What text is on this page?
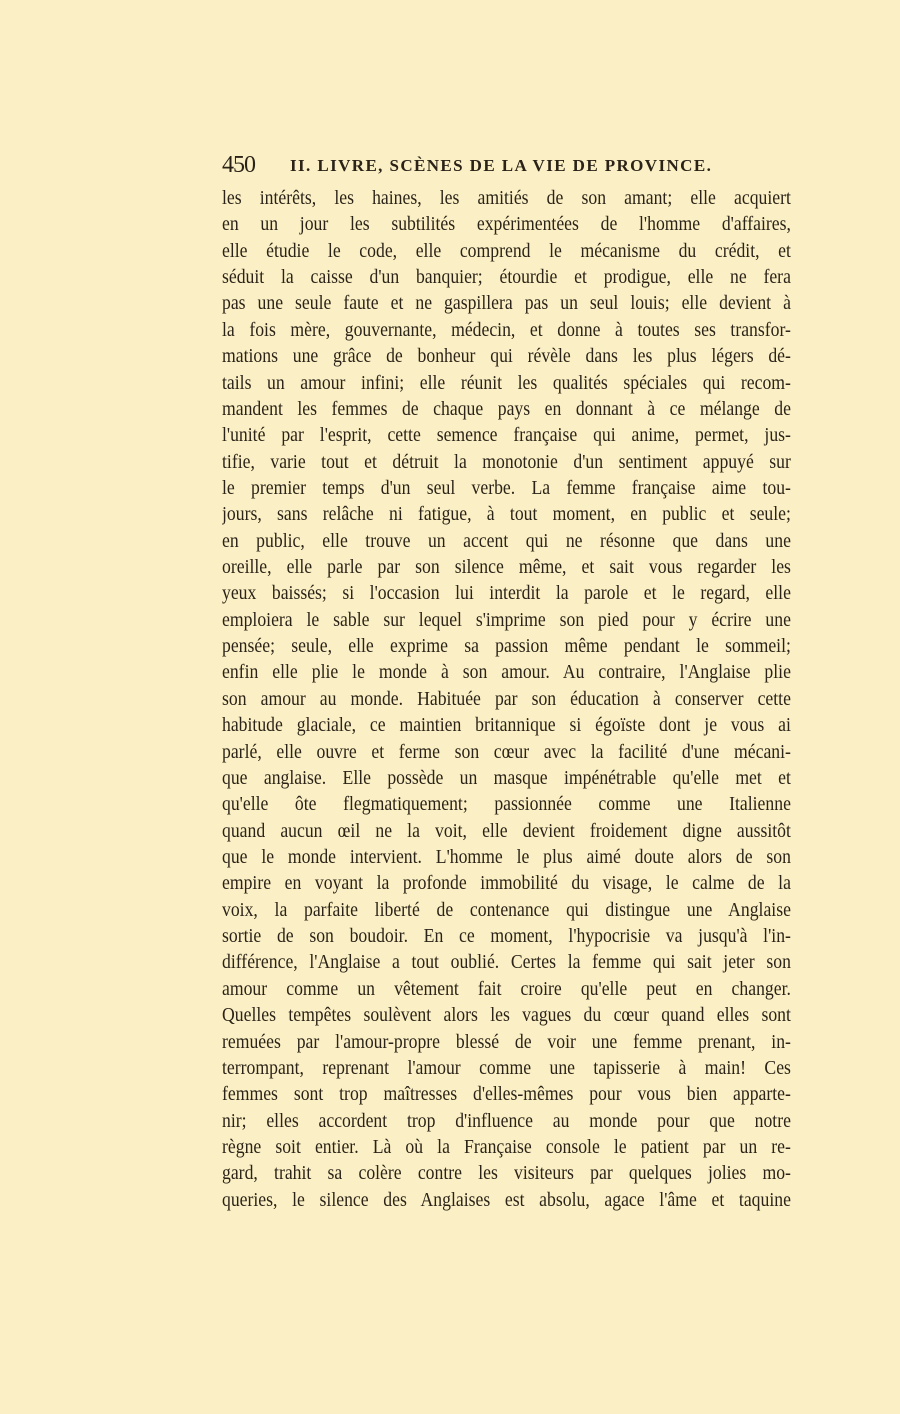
450 II. LIVRE, SCÈNES DE LA VIE DE PROVINCE.
les intérêts, les haines, les amitiés de son amant; elle acquiert
en un jour les subtilités expérimentées de l'homme d'affaires,
elle étudie le code, elle comprend le mécanisme du crédit, et
séduit la caisse d'un banquier; étourdie et prodigue, elle ne fera
pas une seule faute et ne gaspillera pas un seul louis; elle devient à
la fois mère, gouvernante, médecin, et donne à toutes ses transfor-
mations une grâce de bonheur qui révèle dans les plus légers dé-
tails un amour infini; elle réunit les qualités spéciales qui recom-
mandent les femmes de chaque pays en donnant à ce mélange de
l'unité par l'esprit, cette semence française qui anime, permet, jus-
tifie, varie tout et détruit la monotonie d'un sentiment appuyé sur
le premier temps d'un seul verbe. La femme française aime tou-
jours, sans relâche ni fatigue, à tout moment, en public et seule;
en public, elle trouve un accent qui ne résonne que dans une
oreille, elle parle par son silence même, et sait vous regarder les
yeux baissés; si l'occasion lui interdit la parole et le regard, elle
emploiera le sable sur lequel s'imprime son pied pour y écrire une
pensée; seule, elle exprime sa passion même pendant le sommeil;
enfin elle plie le monde à son amour. Au contraire, l'Anglaise plie
son amour au monde. Habituée par son éducation à conserver cette
habitude glaciale, ce maintien britannique si égoïste dont je vous ai
parlé, elle ouvre et ferme son cœur avec la facilité d'une mécani-
que anglaise. Elle possède un masque impénétrable qu'elle met et
qu'elle ôte flegmatiquement; passionnée comme une Italienne
quand aucun œil ne la voit, elle devient froidement digne aussitôt
que le monde intervient. L'homme le plus aimé doute alors de son
empire en voyant la profonde immobilité du visage, le calme de la
voix, la parfaite liberté de contenance qui distingue une Anglaise
sortie de son boudoir. En ce moment, l'hypocrisie va jusqu'à l'in-
différence, l'Anglaise a tout oublié. Certes la femme qui sait jeter son
amour comme un vêtement fait croire qu'elle peut en changer.
Quelles tempêtes soulèvent alors les vagues du cœur quand elles sont
remuées par l'amour-propre blessé de voir une femme prenant, in-
terrompant, reprenant l'amour comme une tapisserie à main! Ces
femmes sont trop maîtresses d'elles-mêmes pour vous bien apparte-
nir; elles accordent trop d'influence au monde pour que notre
règne soit entier. Là où la Française console le patient par un re-
gard, trahit sa colère contre les visiteurs par quelques jolies mo-
queries, le silence des Anglaises est absolu, agace l'âme et taquine
